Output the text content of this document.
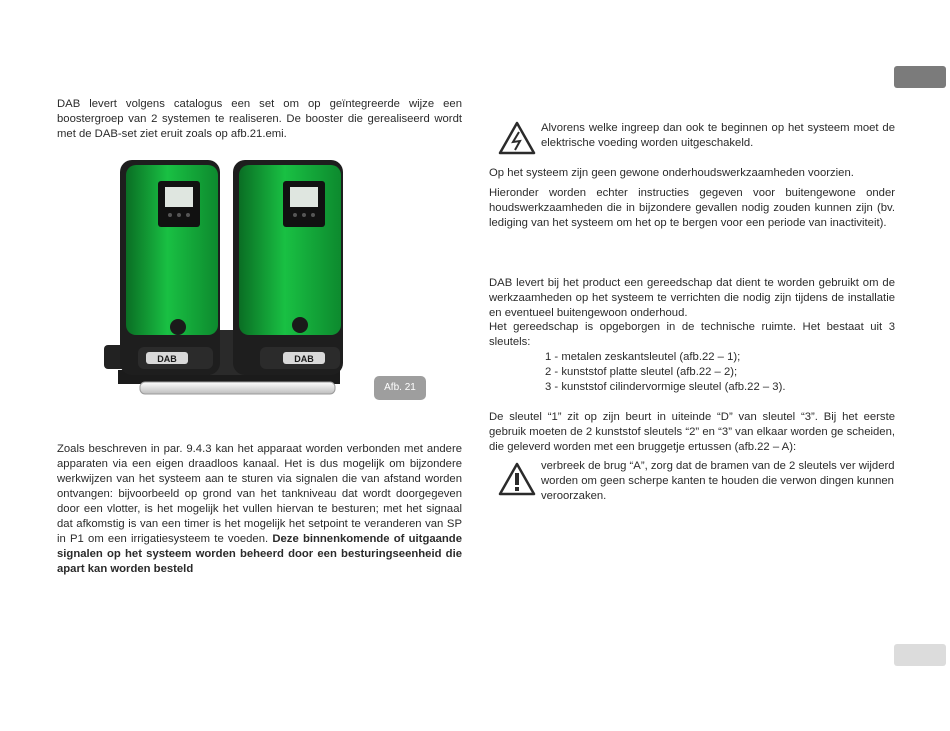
DAB levert volgens catalogus een set om op geïntegreerde wijze een boostergroep van 2 systemen te realiseren. De booster die gerealiseerd wordt met de DAB-set ziet eruit zoals op afb.21.emi.

DAB	DAB
Afb. 21

Zoals beschreven in par. 9.4.3 kan het apparaat worden verbonden met andere apparaten via een eigen draadloos kanaal. Het is dus mogelijk om bijzondere werkwijzen van het systeem aan te sturen via signalen die van afstand worden ontvangen: bijvoorbeeld op grond van het tankniveau dat wordt doorgegeven door een vlotter, is het mogelijk het vullen hiervan te besturen; met het signaal dat afkomstig is van een timer is het mogelijk het setpoint te veranderen van SP in P1 om een irrigatiesysteem te voeden. Deze binnenkomende of uitgaande signalen op het systeem worden beheerd door een besturingseenheid die apart kan worden besteld

Alvorens welke ingreep dan ook te beginnen op het systeem moet de elektrische voeding worden uitgeschakeld.

Op het systeem zijn geen gewone onderhoudswerkzaamheden voorzien.

Hieronder worden echter instructies gegeven voor buitengewone onder houdswerkzaamheden die in bijzondere gevallen nodig zouden kunnen zijn (bv. lediging van het systeem om het op te bergen voor een periode van inactiviteit).

DAB levert bij het product een gereedschap dat dient te worden gebruikt om de werkzaamheden op het systeem te verrichten die nodig zijn tijdens de installatie en eventueel buitengewoon onderhoud.

Het gereedschap is opgeborgen in de technische ruimte. Het bestaat uit 3 sleutels:

1 - metalen zeskantsleutel (afb.22 – 1);
2 - kunststof platte sleutel (afb.22 – 2);
3 - kunststof cilindervormige sleutel (afb.22 – 3).

De sleutel “1” zit op zijn beurt in uiteinde “D” van sleutel “3”. Bij het eerste gebruik moeten de 2 kunststof sleutels “2” en “3” van elkaar worden ge scheiden, die geleverd worden met een bruggetje ertussen (afb.22 – A):

verbreek de brug “A”, zorg dat de bramen van de 2 sleutels ver wijderd worden om geen scherpe kanten te houden die verwon dingen kunnen veroorzaken.
